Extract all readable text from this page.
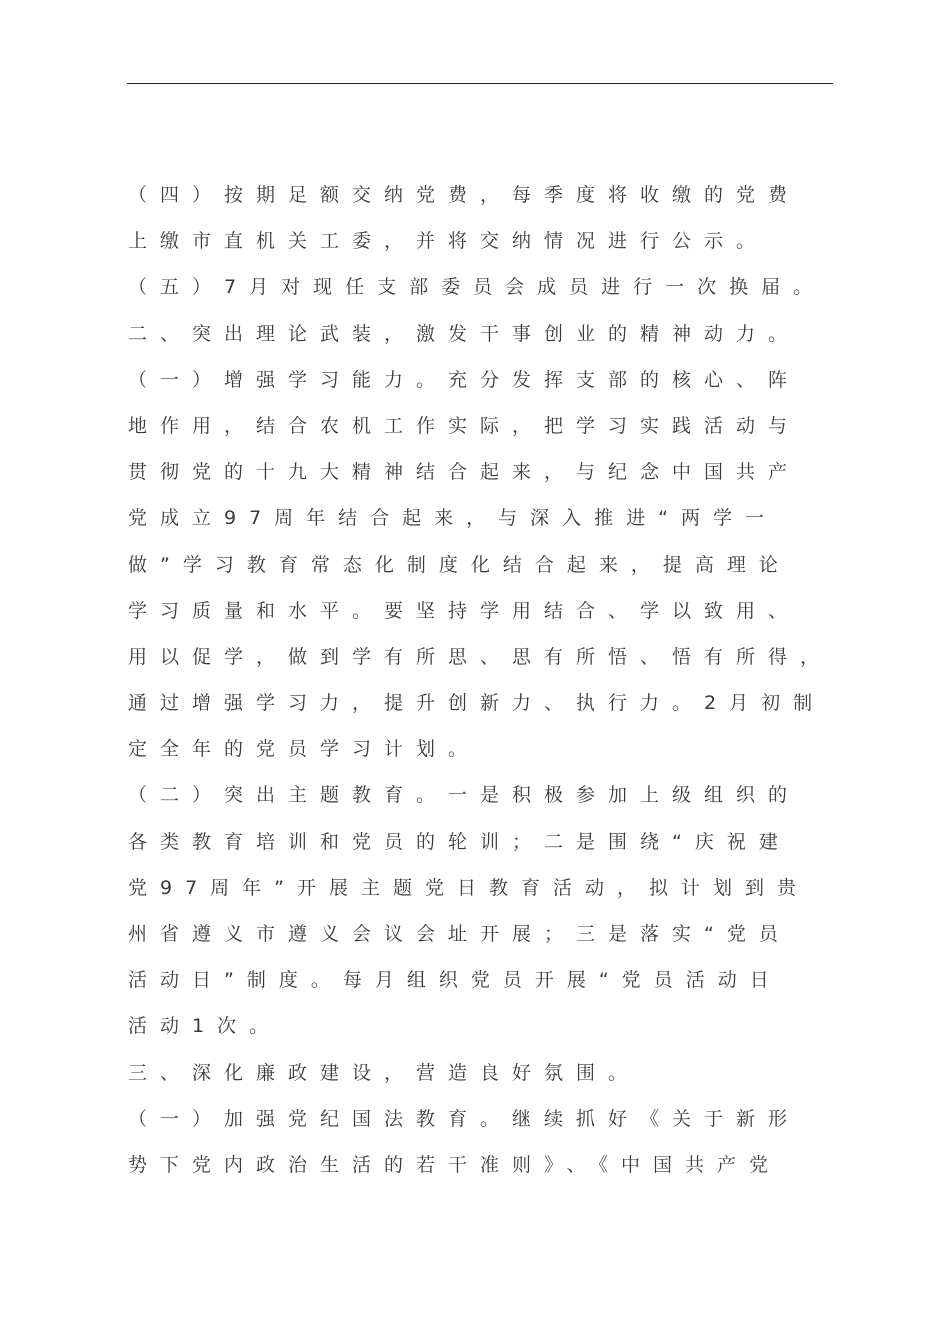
（四）按期足额交纳党费，每季度将收缴的党费
上缴市直机关工委，并将交纳情况进行公示。
（五）7月对现任支部委员会成员进行一次换届。
二、突出理论武装，激发干事创业的精神动力。
（一）增强学习能力。充分发挥支部的核心、阵
地作用，结合农机工作实际，把学习实践活动与
贯彻党的十九大精神结合起来，与纪念中国共产
党成立97周年结合起来，与深入推进“两学一
做”学习教育常态化制度化结合起来，提高理论
学习质量和水平。要坚持学用结合、学以致用、
用以促学，做到学有所思、思有所悟、悟有所得，
通过增强学习力，提升创新力、执行力。2月初制
定全年的党员学习计划。
（二）突出主题教育。一是积极参加上级组织的
各类教育培训和党员的轮训；二是围绕“庆祝建
党97周年”开展主题党日教育活动，拟计划到贵
州省遵义市遵义会议会址开展；三是落实“党员
活动日”制度。每月组织党员开展“党员活动日
活动1次。
三、深化廉政建设，营造良好氛围。
（一）加强党纪国法教育。继续抓好《关于新形
势下党内政治生活的若干准则》、《中国共产党
